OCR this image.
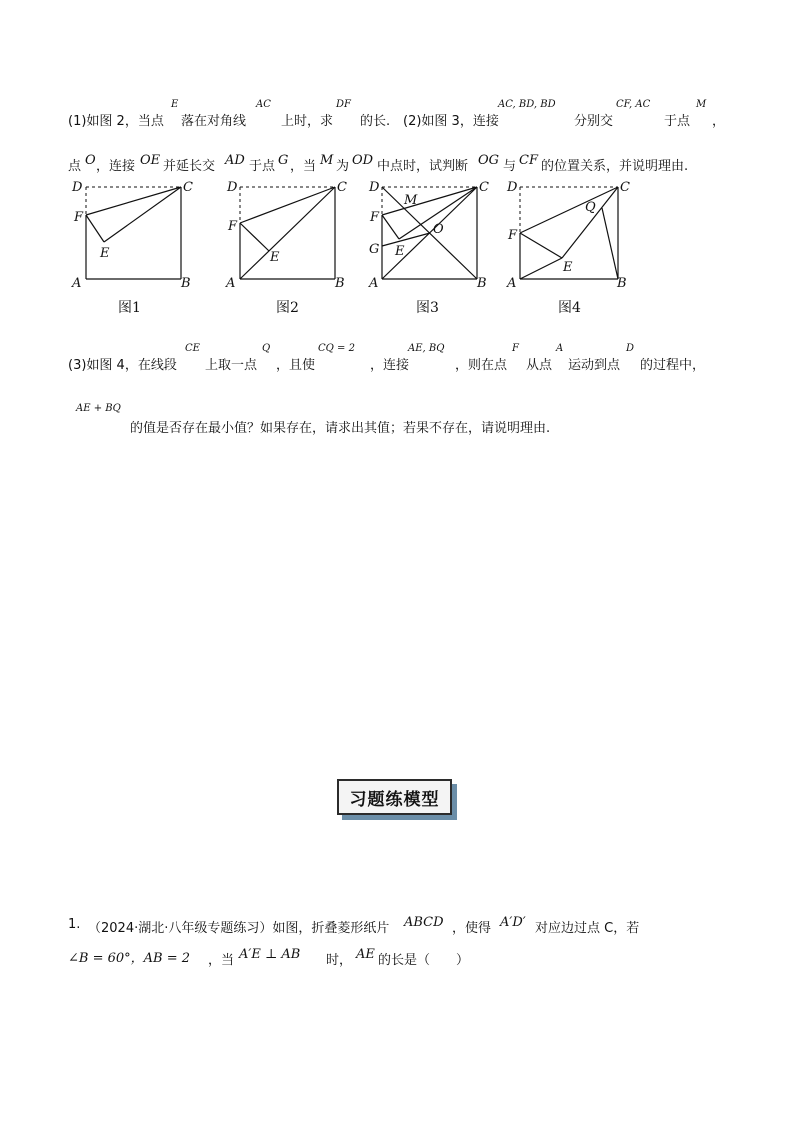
(1)如图 2，当点
E
落在对角线
AC
上时，求
DF
的长. (2)如图 3，连接
AC, BD, BD
分别交
CF, AC
于点
M
，
点 O ，连接 OE 并延长交 AD 于点 G ，当 M 为 OD 中点时，试判断 OG 与 CF 的位置关系，并说明理由.
D	C
F
E
A	B
图1
D	C
F
E
A	B
图2
D	C
M
F
O
G E
A	B
图3
D	C
Q
F
E
A	B
图4
(3)如图 4，在线段
CE
上取一点
Q
，且使
CQ = 2
，连接
AE, BQ
，则在点
F
从点
A
运动到点
D
的过程中，
AE + BQ
的值是否存在最小值？如果存在，请求出其值；若果不存在，请说明理由.
习题练模型
1. （2024·湖北·八年级专题练习）如图，折叠菱形纸片 ABCD ，使得 A′D′ 对应边过点 C，若
∠B = 60°，AB = 2 ，当 A′E ⊥ AB 时， AE 的长是（　　）
